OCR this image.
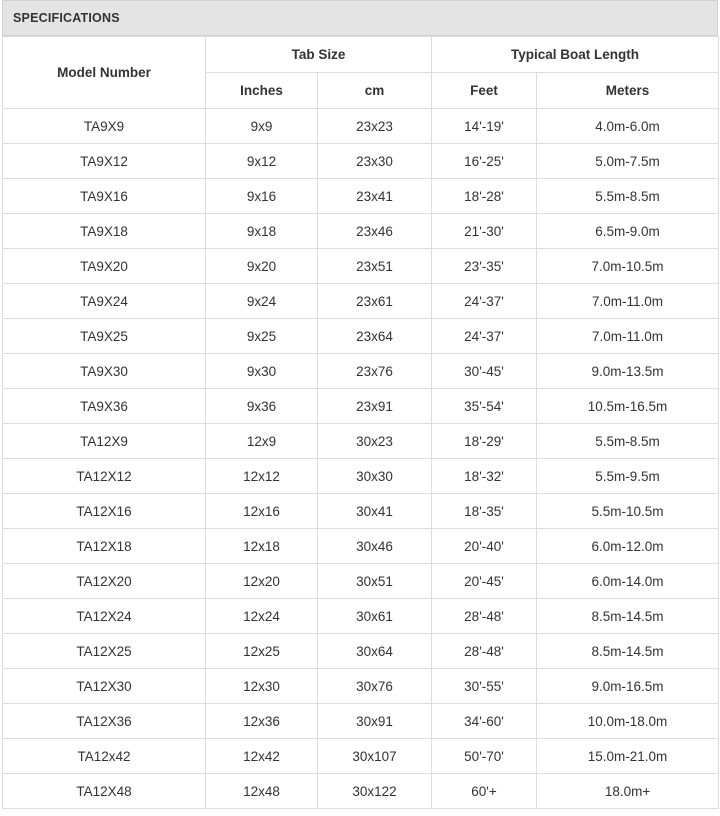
SPECIFICATIONS
Model Number	Tab Size		Typical Boat Length	
	Inches	cm	Feet	Meters
TA9X9	9x9	23x23	14'-19'	4.0m-6.0m
TA9X12	9x12	23x30	16'-25'	5.0m-7.5m
TA9X16	9x16	23x41	18'-28'	5.5m-8.5m
TA9X18	9x18	23x46	21'-30'	6.5m-9.0m
TA9X20	9x20	23x51	23'-35'	7.0m-10.5m
TA9X24	9x24	23x61	24'-37'	7.0m-11.0m
TA9X25	9x25	23x64	24'-37'	7.0m-11.0m
TA9X30	9x30	23x76	30'-45'	9.0m-13.5m
TA9X36	9x36	23x91	35'-54'	10.5m-16.5m
TA12X9	12x9	30x23	18'-29'	5.5m-8.5m
TA12X12	12x12	30x30	18'-32'	5.5m-9.5m
TA12X16	12x16	30x41	18'-35'	5.5m-10.5m
TA12X18	12x18	30x46	20'-40'	6.0m-12.0m
TA12X20	12x20	30x51	20'-45'	6.0m-14.0m
TA12X24	12x24	30x61	28'-48'	8.5m-14.5m
TA12X25	12x25	30x64	28'-48'	8.5m-14.5m
TA12X30	12x30	30x76	30'-55'	9.0m-16.5m
TA12X36	12x36	30x91	34'-60'	10.0m-18.0m
TA12x42	12x42	30x107	50'-70'	15.0m-21.0m
TA12X48	12x48	30x122	60'+	18.0m+
